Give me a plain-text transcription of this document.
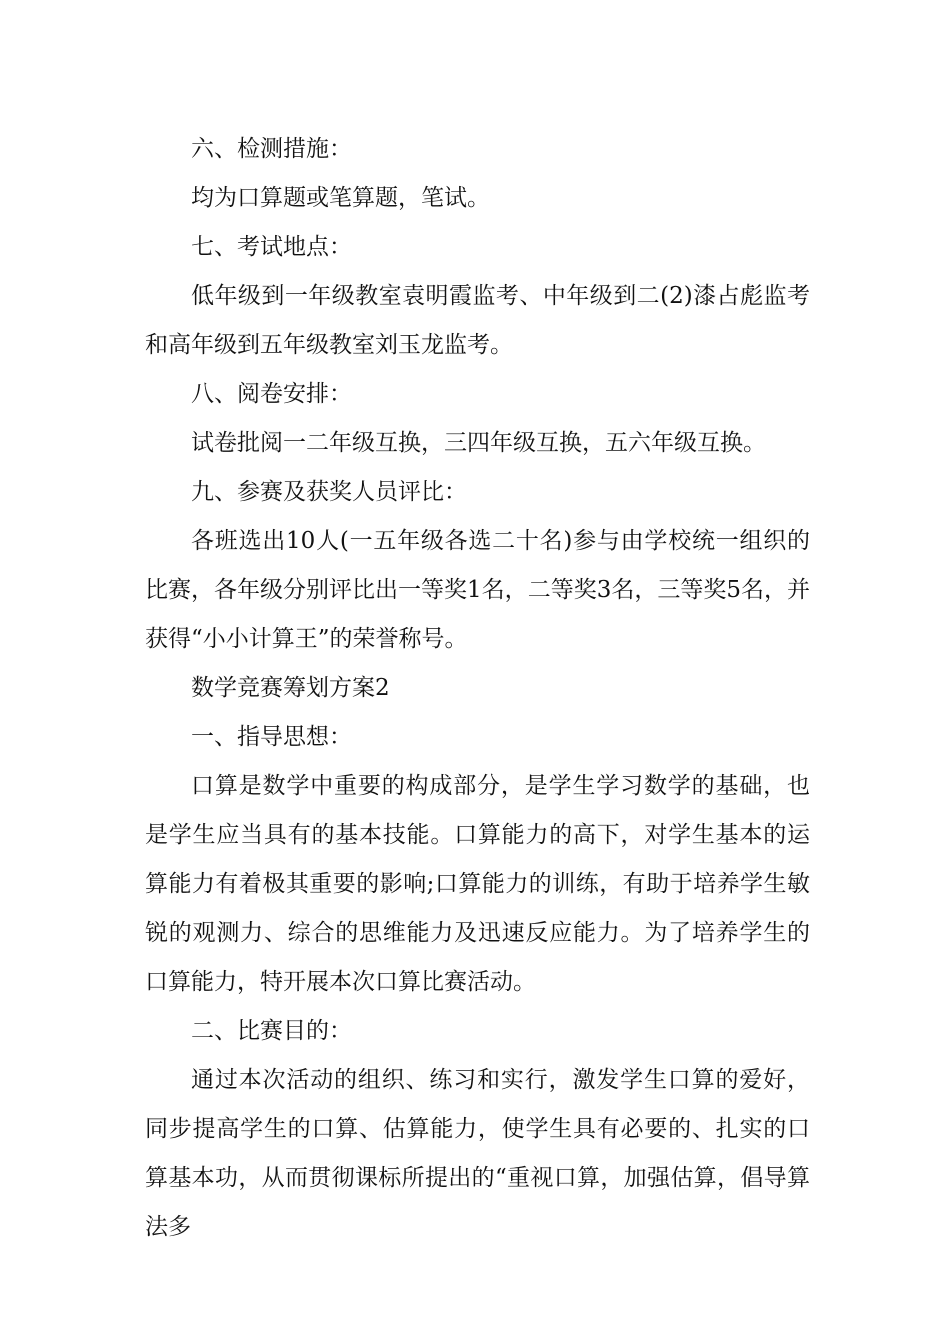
六、检测措施：

均为口算题或笔算题，笔试。

七、考试地点：

低年级到一年级教室袁明霞监考、中年级到二(2)漆占彪监考和高年级到五年级教室刘玉龙监考。

八、阅卷安排：

试卷批阅一二年级互换，三四年级互换，五六年级互换。

九、参赛及获奖人员评比：

各班选出10人(一五年级各选二十名)参与由学校统一组织的比赛，各年级分别评比出一等奖1名，二等奖3名，三等奖5名，并获得“小小计算王”的荣誉称号。

数学竞赛筹划方案2

一、指导思想：

口算是数学中重要的构成部分，是学生学习数学的基础，也是学生应当具有的基本技能。口算能力的高下，对学生基本的运算能力有着极其重要的影响;口算能力的训练，有助于培养学生敏锐的观测力、综合的思维能力及迅速反应能力。为了培养学生的口算能力，特开展本次口算比赛活动。

二、比赛目的：

通过本次活动的组织、练习和实行，激发学生口算的爱好，同步提高学生的口算、估算能力，使学生具有必要的、扎实的口算基本功，从而贯彻课标所提出的“重视口算，加强估算，倡导算法多
